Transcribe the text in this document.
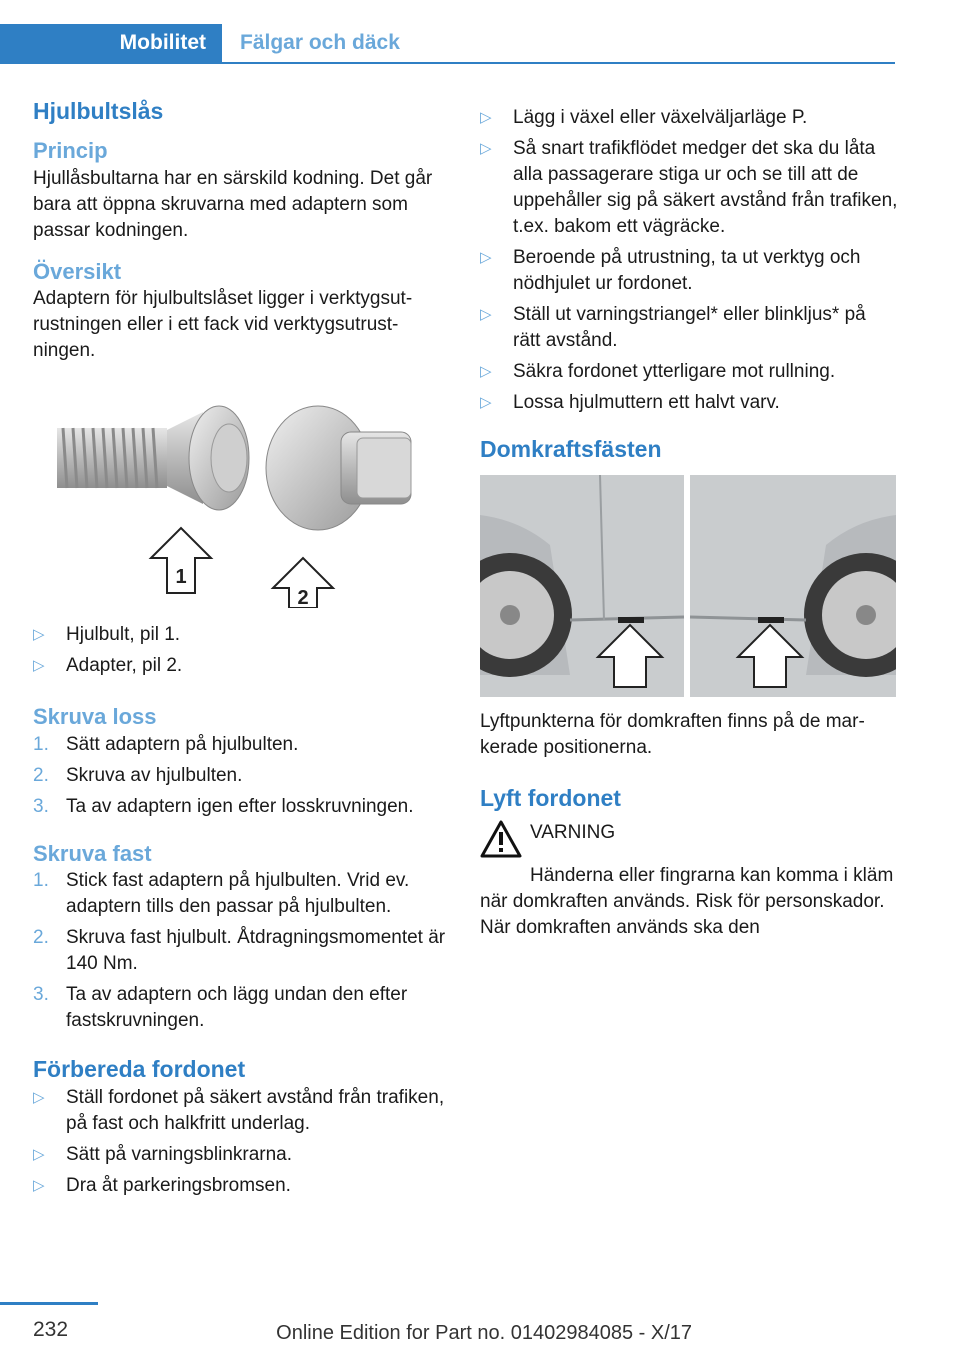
Mobilitet	Fälgar och däck
Hjulbultslås
Princip

Hjullåsbultarna har en särskild kodning. Det går bara att öppna skruvarna med adaptern som passar kodningen.

Översikt

Adaptern för hjulbultslåset ligger i verktygsutrustningen eller i ett fack vid verktygsutrustningen.

1
2
▷ Hjulbult, pil 1.
▷ Adapter, pil 2.
Skruva loss
1. Sätt adaptern på hjulbulten.
2. Skruva av hjulbulten.
3. Ta av adaptern igen efter losskruvningen.
Skruva fast
1. Stick fast adaptern på hjulbulten. Vrid ev. adaptern tills den passar på hjulbulten.
2. Skruva fast hjulbult. Åtdragningsmomentet är 140 Nm.
3. Ta av adaptern och lägg undan den efter fastskruvningen.
Förbereda fordonet
▷ Ställ fordonet på säkert avstånd från trafiken, på fast och halkfritt underlag.
▷ Sätt på varningsblinkrarna.
▷ Dra åt parkeringsbromsen.
▷ Lägg i växel eller växelväljarläge P.
▷ Så snart trafikflödet medger det ska du låta alla passagerare stiga ur och se till att de uppehåller sig på säkert avstånd från trafiken, t.ex. bakom ett vägräcke.
▷ Beroende på utrustning, ta ut verktyg och nödhjulet ur fordonet.
▷ Ställ ut varningstriangel* eller blinkljus* på rätt avstånd.
▷ Säkra fordonet ytterligare mot rullning.
▷ Lossa hjulmuttern ett halvt varv.
Domkraftsfästen

Lyftpunkterna för domkraften finns på de markerade positionerna.

Lyft fordonet

VARNING

Händerna eller fingrarna kan komma i kläm när domkraften används. Risk för personskador. När domkraften används ska den

232	Online Edition for Part no. 01402984085 - X/17
